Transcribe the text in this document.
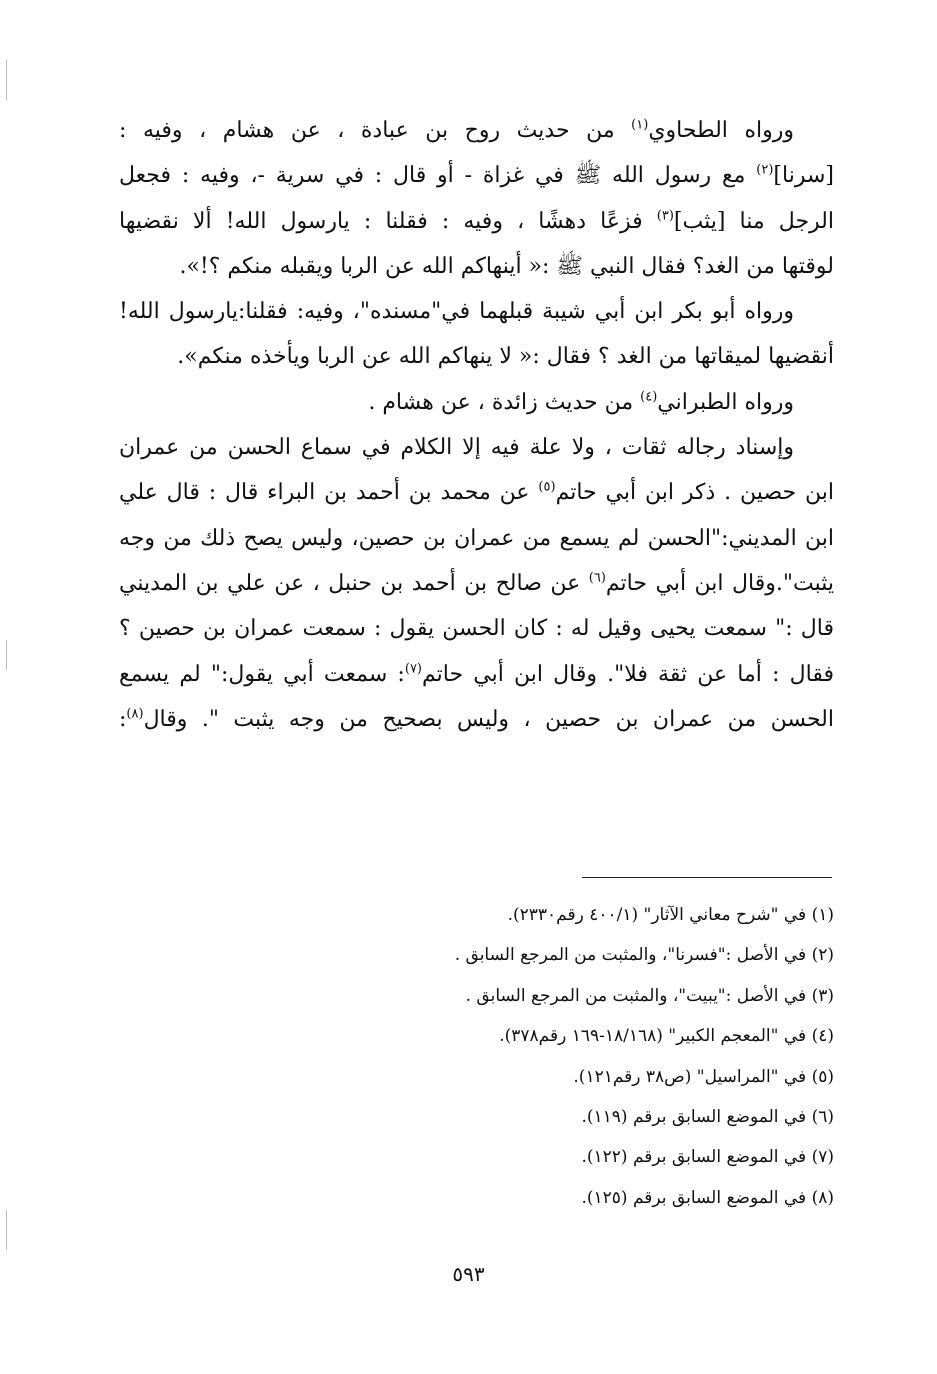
ورواه الطحاوي$^{(١)}$ من حديث روح بن عبادة ، عن هشام ، وفيه :
[سرنا]$^{(٢)}$ مع رسول الله ﷺ في غزاة - أو قال : في سرية -، وفيه : فجعل
الرجل منا [يثب]$^{(٣)}$ فزعًا دهشًا ، وفيه : فقلنا : يارسول الله! ألا نقضيها
لوقتها من الغد؟ فقال النبي ﷺ :« أينهاكم الله عن الربا ويقبله منكم ؟!».
ورواه أبو بكر ابن أبي شيبة قبلهما في"مسنده"، وفيه: فقلنا:يارسول الله!
أنقضيها لميقاتها من الغد ؟ فقال :« لا ينهاكم الله عن الربا ويأخذه منكم».
ورواه الطبراني$^{(٤)}$ من حديث زائدة ، عن هشام .
وإسناد رجاله ثقات ، ولا علة فيه إلا الكلام في سماع الحسن من عمران
ابن حصين . ذكر ابن أبي حاتم$^{(٥)}$ عن محمد بن أحمد بن البراء قال : قال علي
ابن المديني:"الحسن لم يسمع من عمران بن حصين، وليس يصح ذلك من وجه
يثبت".وقال ابن أبي حاتم$^{(٦)}$ عن صالح بن أحمد بن حنبل ، عن علي بن المديني
قال :" سمعت يحيى وقيل له : كان الحسن يقول : سمعت عمران بن حصين ؟
فقال : أما عن ثقة فلا". وقال ابن أبي حاتم$^{(٧)}$: سمعت أبي يقول:" لم يسمع
الحسن من عمران بن حصين ، وليس بصحيح من وجه يثبت ". وقال$^{(٨)}$:
(١) في "شرح معاني الآثار" (٤٠٠/١ رقم٢٣٣٠).
(٢) في الأصل :"فسرنا"، والمثبت من المرجع السابق .
(٣) في الأصل :"يبيت"، والمثبت من المرجع السابق .
(٤) في "المعجم الكبير" (١٨/١٦٨-١٦٩ رقم٣٧٨).
(٥) في "المراسيل" (ص٣٨ رقم١٢١).
(٦) في الموضع السابق برقم (١١٩).
(٧) في الموضع السابق برقم (١٢٢).
(٨) في الموضع السابق برقم (١٢٥).
٥٩٣
